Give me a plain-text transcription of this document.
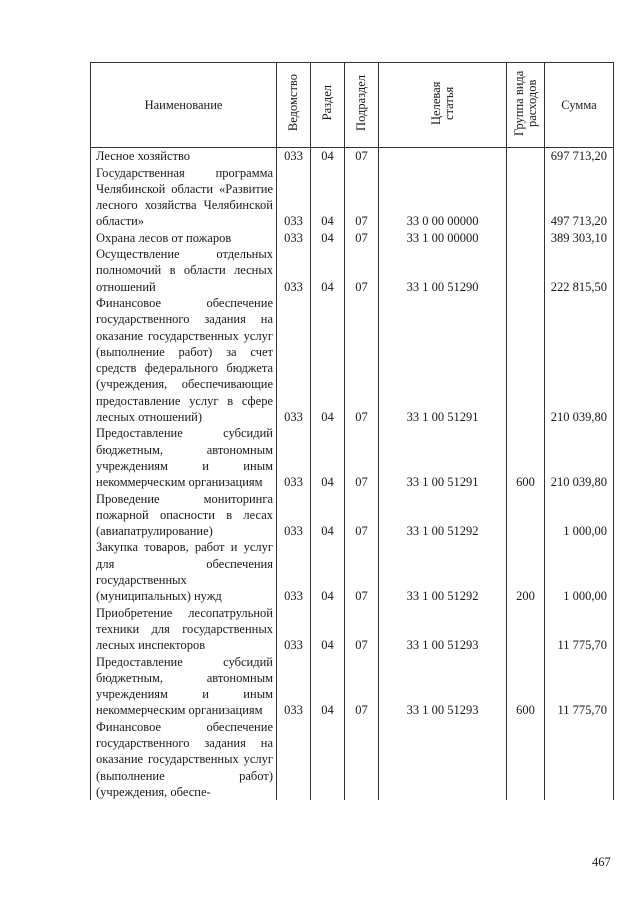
Наименование	Ведомство	Раздел	Подраздел	Целевая статья	Группа вида расходов	Сумма
Лесное хозяйство	033	04	07			697 713,20
Государственная программа Челябинской области «Развитие лесного хозяйства Челябинской области»	033	04	07	33 0 00 00000		497 713,20
Охрана лесов от пожаров	033	04	07	33 1 00 00000		389 303,10
Осуществление отдельных полномочий в области лесных отношений	033	04	07	33 1 00 51290		222 815,50
Финансовое обеспечение государственного задания на оказание государственных услуг (выполнение работ) за счет средств федерального бюджета (учреждения, обеспечивающие предоставление услуг в сфере лесных отношений)	033	04	07	33 1 00 51291		210 039,80
Предоставление субсидий бюджетным, автономным учреждениям и иным некоммерческим организациям	033	04	07	33 1 00 51291	600	210 039,80
Проведение мониторинга пожарной опасности в лесах (авиапатрулирование)	033	04	07	33 1 00 51292		1 000,00
Закупка товаров, работ и услуг для обеспечения государственных (муниципальных) нужд	033	04	07	33 1 00 51292	200	1 000,00
Приобретение лесопатрульной техники для государственных лесных инспекторов	033	04	07	33 1 00 51293		11 775,70
Предоставление субсидий бюджетным, автономным учреждениям и иным некоммерческим организациям	033	04	07	33 1 00 51293	600	11 775,70
Финансовое обеспечение государственного задания на оказание государственных услуг (выполнение работ) (учреждения, обеспе-						
467
